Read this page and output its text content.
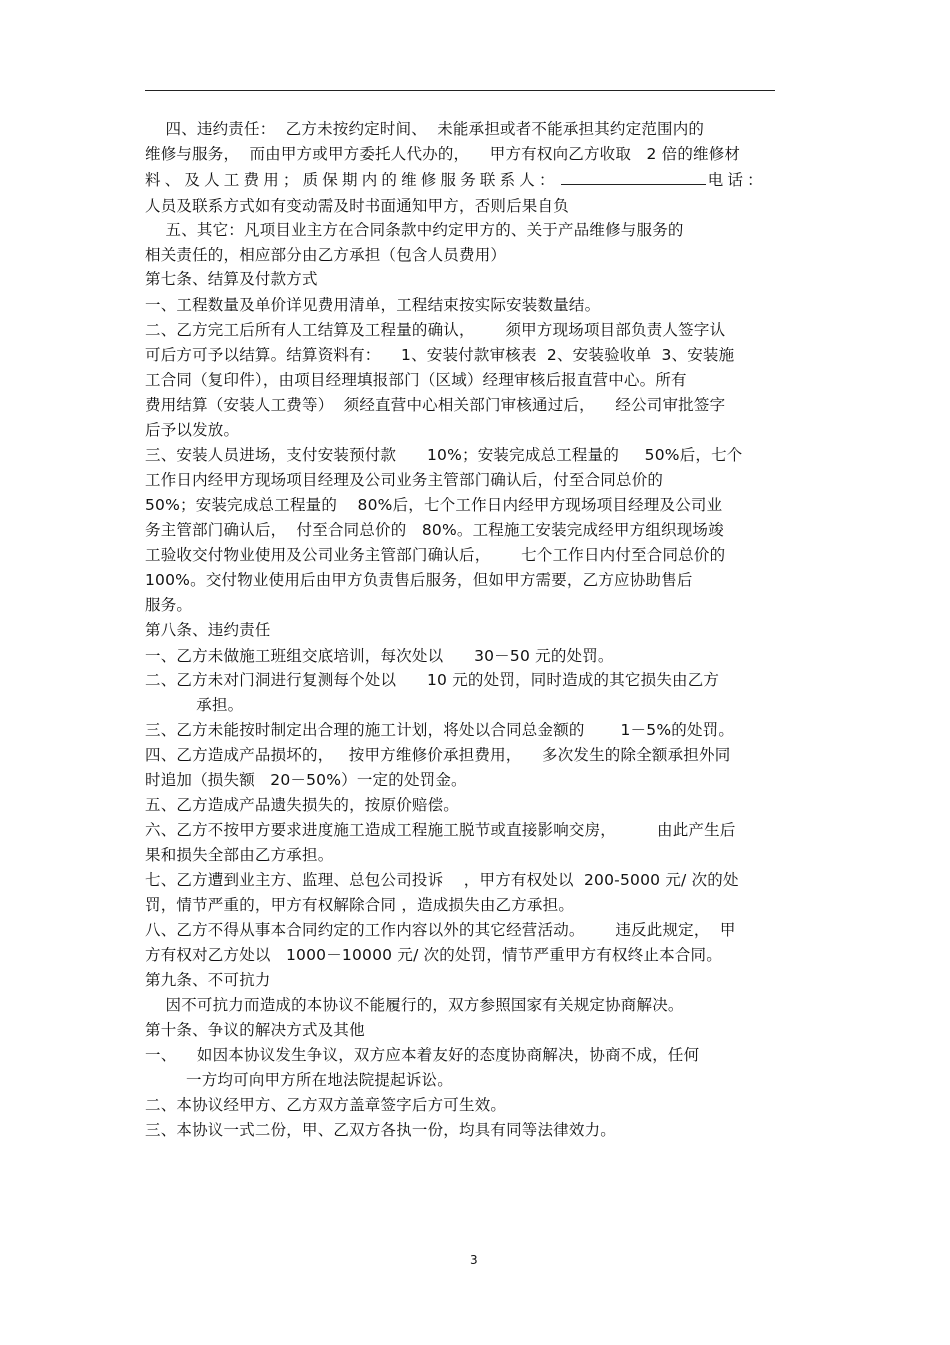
四、违约责任：  乙方未按约定时间、  未能承担或者不能承担其约定范围内的
维修与服务，  而由甲方或甲方委托人代办的，    甲方有权向乙方收取   2 倍的维修材
料、及人工费用；质保期内的维修服务联系人：	电话：
人员及联系方式如有变动需及时书面通知甲方，否则后果自负
五、其它：凡项目业主方在合同条款中约定甲方的、关于产品维修与服务的
相关责任的，相应部分由乙方承担（包含人员费用）
第七条、结算及付款方式
一、工程数量及单价详见费用清单，工程结束按实际安装数量结。
二、乙方完工后所有人工结算及工程量的确认，      须甲方现场项目部负责人签字认
可后方可予以结算。结算资料有：    1、安装付款审核表  2、安装验收单  3、安装施
工合同（复印件），由项目经理填报部门（区域）经理审核后报直营中心。所有
费用结算（安装人工费等）  须经直营中心相关部门审核通过后，    经公司审批签字
后予以发放。
三、安装人员进场，支付安装预付款      10%；安装完成总工程量的     50%后，七个
工作日内经甲方现场项目经理及公司业务主管部门确认后，付至合同总价的
50%；安装完成总工程量的    80%后，七个工作日内经甲方现场项目经理及公司业
务主管部门确认后，  付至合同总价的   80%。工程施工安装完成经甲方组织现场竣
工验收交付物业使用及公司业务主管部门确认后，      七个工作日内付至合同总价的
100%。交付物业使用后由甲方负责售后服务，但如甲方需要，乙方应协助售后
服务。
第八条、违约责任
一、乙方未做施工班组交底培训，每次处以      30－50 元的处罚。
二、乙方未对门洞进行复测每个处以      10 元的处罚，同时造成的其它损失由乙方
承担。
三、乙方未能按时制定出合理的施工计划，将处以合同总金额的       1－5%的处罚。
四、乙方造成产品损坏的，   按甲方维修价承担费用，    多次发生的除全额承担外同
时追加（损失额   20－50%）一定的处罚金。
五、乙方造成产品遗失损失的，按原价赔偿。
六、乙方不按甲方要求进度施工造成工程施工脱节或直接影响交房，        由此产生后
果和损失全部由乙方承担。
七、乙方遭到业主方、监理、总包公司投诉    ，甲方有权处以  200-5000 元/ 次的处
罚，情节严重的，甲方有权解除合同 ，造成损失由乙方承担。
八、乙方不得从事本合同约定的工作内容以外的其它经营活动。      违反此规定，  甲
方有权对乙方处以   1000－10000 元/ 次的处罚，情节严重甲方有权终止本合同。
第九条、不可抗力
因不可抗力而造成的本协议不能履行的，双方参照国家有关规定协商解决。
第十条、争议的解决方式及其他
一、    如因本协议发生争议，双方应本着友好的态度协商解决，协商不成，任何
一方均可向甲方所在地法院提起诉讼。
二、本协议经甲方、乙方双方盖章签字后方可生效。
三、本协议一式二份，甲、乙双方各执一份，均具有同等法律效力。
3
